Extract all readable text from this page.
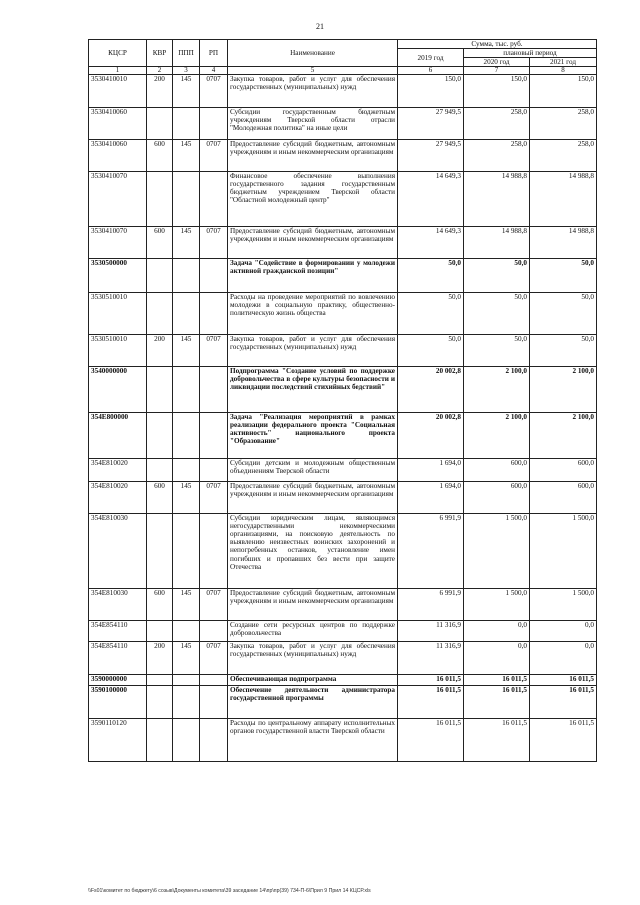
21
КЦСР	КВР	ППП	РП	Наименование	Сумма, тыс. руб.		
					2019 год	плановый период	
						2020 год	2021 год
1	2	3	4	5	6	7	8
3530410010	200	145	0707	Закупка товаров, работ и услуг для обеспечения государственных (муниципальных) нужд	150,0	150,0	150,0
3530410060				Субсидии государственным бюджетным учреждениям Тверской области отрасли "Молодежная политика" на иные цели	27 949,5	258,0	258,0
3530410060	600	145	0707	Предоставление субсидий бюджетным, автономным учреждениям и иным некоммерческим организациям	27 949,5	258,0	258,0
3530410070				Финансовое обеспечение выполнения государственного задания государственным бюджетным учреждением Тверской области "Областной молодежный центр"	14 649,3	14 988,8	14 988,8
3530410070	600	145	0707	Предоставление субсидий бюджетным, автономным учреждениям и иным некоммерческим организациям	14 649,3	14 988,8	14 988,8
3530500000				Задача "Содействие в формировании у молодежи активной гражданской позиции"	50,0	50,0	50,0
3530510010				Расходы на проведение мероприятий по вовлечению молодежи в социальную практику, общественно-политическую жизнь общества	50,0	50,0	50,0
3530510010	200	145	0707	Закупка товаров, работ и услуг для обеспечения государственных (муниципальных) нужд	50,0	50,0	50,0
3540000000				Подпрограмма "Создание условий по поддержке добровольчества в сфере культуры безопасности и ликвидации последствий стихийных бедствий"	20 002,8	2 100,0	2 100,0
354E800000				Задача "Реализация мероприятий в рамках реализации федерального проекта "Социальная активность" национального проекта "Образование"	20 002,8	2 100,0	2 100,0
354E810020				Субсидии детским и молодежным общественным объединениям Тверской области	1 694,0	600,0	600,0
354E810020	600	145	0707	Предоставление субсидий бюджетным, автономным учреждениям и иным некоммерческим организациям	1 694,0	600,0	600,0
354E810030				Субсидии юридическим лицам, являющимся негосударственными некоммерческими организациями, на поисковую деятельность по выявлению неизвестных воинских захоронений и непогребенных останков, установление имен погибших и пропавших без вести при защите Отечества	6 991,9	1 500,0	1 500,0
354E810030	600	145	0707	Предоставление субсидий бюджетным, автономным учреждениям и иным некоммерческим организациям	6 991,9	1 500,0	1 500,0
354E854110				Создание сети ресурсных центров по поддержке добровольчества	11 316,9	0,0	0,0
354E854110	200	145	0707	Закупка товаров, работ и услуг для обеспечения государственных (муниципальных) нужд	11 316,9	0,0	0,0
3590000000				Обеспечивающая подпрограмма	16 011,5	16 011,5	16 011,5
3590100000				Обеспечение деятельности администратора государственной программы	16 011,5	16 011,5	16 011,5
3590110120				Расходы по центральному аппарату исполнительных органов государственной власти Тверской области	16 011,5	16 011,5	16 011,5
\\Fs01\комитет по бюджету\6 созыв\Документы комитета\39 заседание 14\пр\пр(39) 734-П-6\Прил 9 Прил 14 КЦСР.xls
